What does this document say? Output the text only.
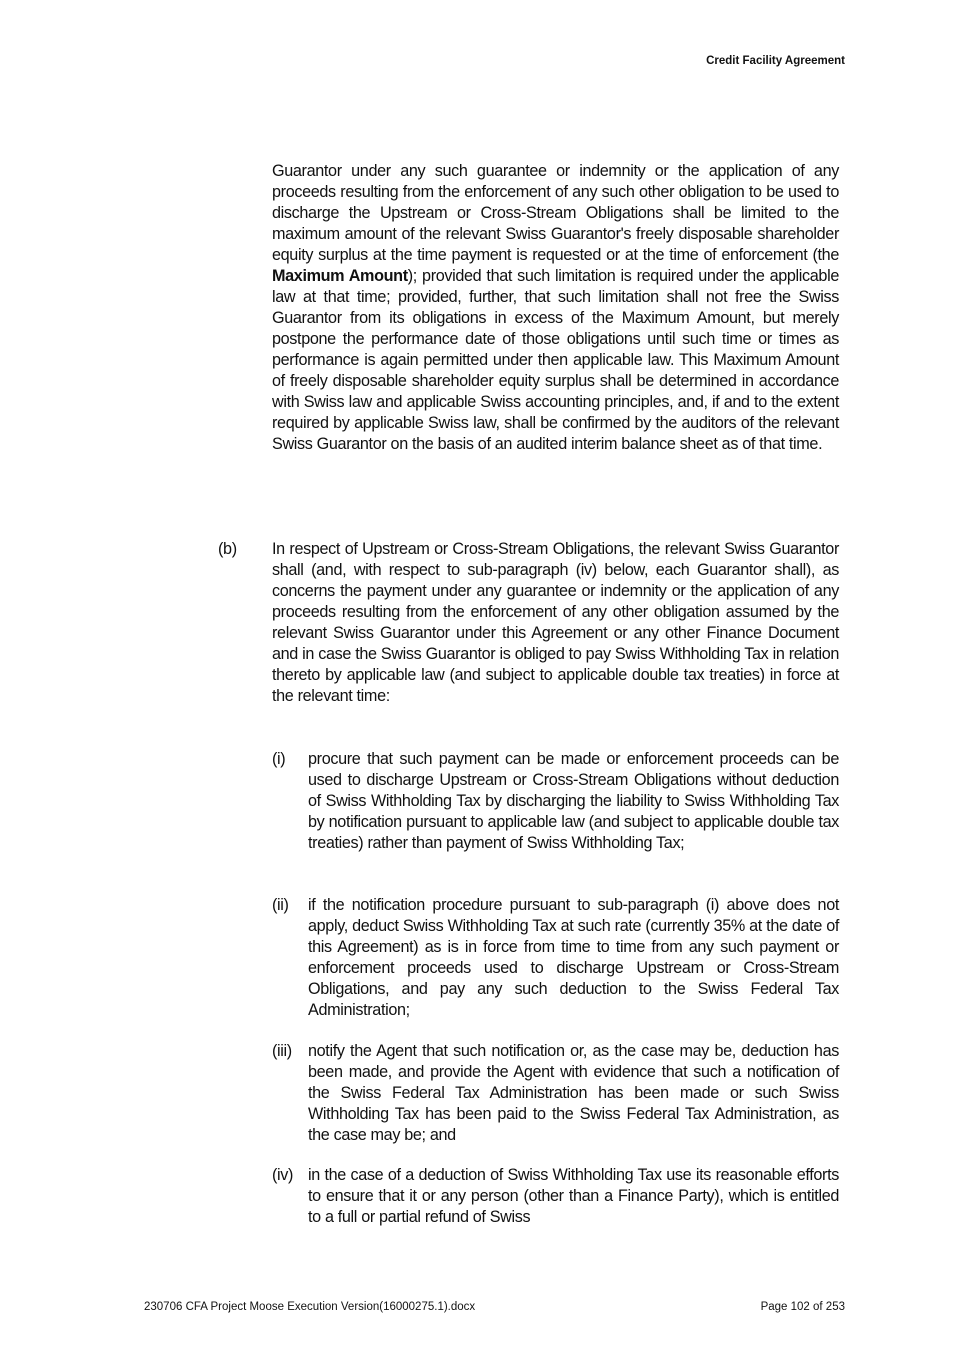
Credit Facility Agreement
Guarantor under any such guarantee or indemnity or the application of any proceeds resulting from the enforcement of any such other obligation to be used to discharge the Upstream or Cross-Stream Obligations shall be limited to the maximum amount of the relevant Swiss Guarantor's freely disposable shareholder equity surplus at the time payment is requested or at the time of enforcement (the Maximum Amount); provided that such limitation is required under the applicable law at that time; provided, further, that such limitation shall not free the Swiss Guarantor from its obligations in excess of the Maximum Amount, but merely postpone the performance date of those obligations until such time or times as performance is again permitted under then applicable law. This Maximum Amount of freely disposable shareholder equity surplus shall be determined in accordance with Swiss law and applicable Swiss accounting principles, and, if and to the extent required by applicable Swiss law, shall be confirmed by the auditors of the relevant Swiss Guarantor on the basis of an audited interim balance sheet as of that time.
(b) In respect of Upstream or Cross-Stream Obligations, the relevant Swiss Guarantor shall (and, with respect to sub-paragraph (iv) below, each Guarantor shall), as concerns the payment under any guarantee or indemnity or the application of any proceeds resulting from the enforcement of any other obligation assumed by the relevant Swiss Guarantor under this Agreement or any other Finance Document and in case the Swiss Guarantor is obliged to pay Swiss Withholding Tax in relation thereto by applicable law (and subject to applicable double tax treaties) in force at the relevant time:
(i) procure that such payment can be made or enforcement proceeds can be used to discharge Upstream or Cross-Stream Obligations without deduction of Swiss Withholding Tax by discharging the liability to Swiss Withholding Tax by notification pursuant to applicable law (and subject to applicable double tax treaties) rather than payment of Swiss Withholding Tax;
(ii) if the notification procedure pursuant to sub-paragraph (i) above does not apply, deduct Swiss Withholding Tax at such rate (currently 35% at the date of this Agreement) as is in force from time to time from any such payment or enforcement proceeds used to discharge Upstream or Cross-Stream Obligations, and pay any such deduction to the Swiss Federal Tax Administration;
(iii) notify the Agent that such notification or, as the case may be, deduction has been made, and provide the Agent with evidence that such a notification of the Swiss Federal Tax Administration has been made or such Swiss Withholding Tax has been paid to the Swiss Federal Tax Administration, as the case may be; and
(iv) in the case of a deduction of Swiss Withholding Tax use its reasonable efforts to ensure that it or any person (other than a Finance Party), which is entitled to a full or partial refund of Swiss
230706 CFA Project Moose Execution Version(16000275.1).docx	Page 102 of 253
